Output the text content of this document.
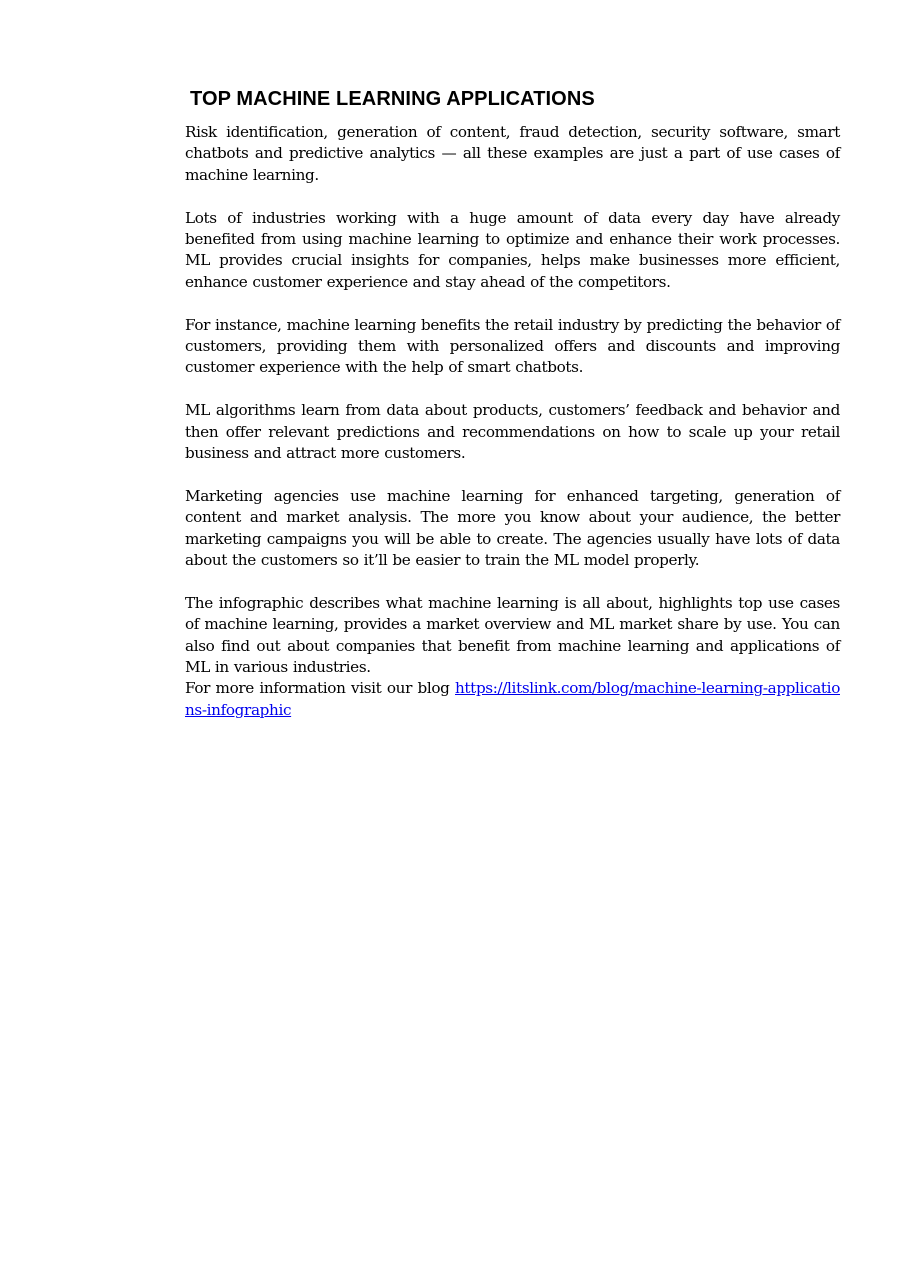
TOP MACHINE LEARNING APPLICATIONS

Risk identification, generation of content, fraud detection, security software, smart chatbots and predictive analytics — all these examples are just a part of use cases of machine learning.

Lots of industries working with a huge amount of data every day have already benefited from using machine learning to optimize and enhance their work processes. ML provides crucial insights for companies, helps make businesses more efficient, enhance customer experience and stay ahead of the competitors.

For instance, machine learning benefits the retail industry by predicting the behavior of customers, providing them with personalized offers and discounts and improving customer experience with the help of smart chatbots.

ML algorithms learn from data about products, customers’ feedback and behavior and then offer relevant predictions and recommendations on how to scale up your retail business and attract more customers.

Marketing agencies use machine learning for enhanced targeting, generation of content and market analysis. The more you know about your audience, the better marketing campaigns you will be able to create. The agencies usually have lots of data about the customers so it’ll be easier to train the ML model properly.

The infographic describes what machine learning is all about, highlights top use cases of machine learning, provides a market overview and ML market share by use. You can also find out about companies that benefit from machine learning and applications of ML in various industries.

For more information visit our blog https://litslink.com/blog/machine-learning-applications-infographic
